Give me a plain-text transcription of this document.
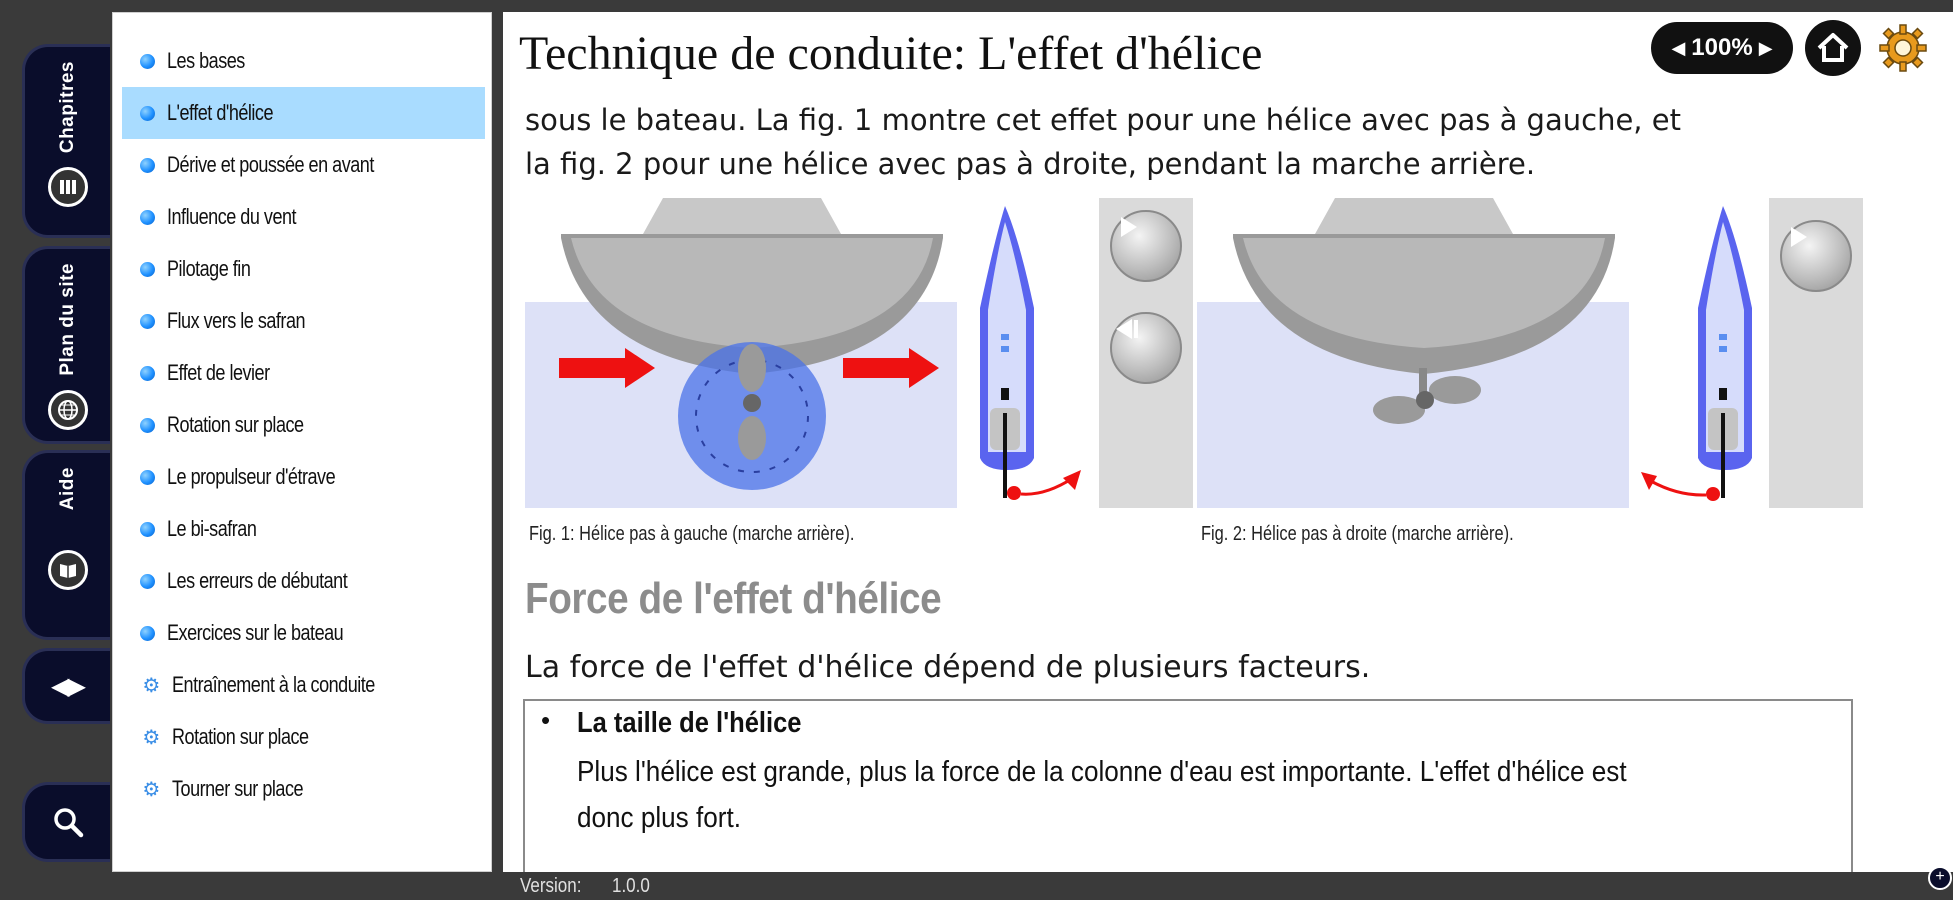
Chapitres
Plan du site
Aide
◀▶
Les bases
L'effet d'hélice
Dérive et poussée en avant
Influence du vent
Pilotage fin
Flux vers le safran
Effet de levier
Rotation sur place
Le propulseur d'étrave
Le bi-safran
Les erreurs de débutant
Exercices sur le bateau
⚙ Entraînement à la conduite
⚙ Rotation sur place
⚙ Tourner sur place
Technique de conduite: L'effet d'hélice	◀ 100% ▶
sous le bateau. La fig. 1 montre cet effet pour une hélice avec pas à gauche, et
la fig. 2 pour une hélice avec pas à droite, pendant la marche arrière.
Fig. 1: Hélice pas à gauche (marche arrière).	Fig. 2: Hélice pas à droite (marche arrière).
Force de l'effet d'hélice
La force de l'effet d'hélice dépend de plusieurs facteurs.
• La taille de l'hélice
Plus l'hélice est grande, plus la force de la colonne d'eau est importante. L'effet d'hélice est
donc plus fort.
Version: 1.0.0	+
